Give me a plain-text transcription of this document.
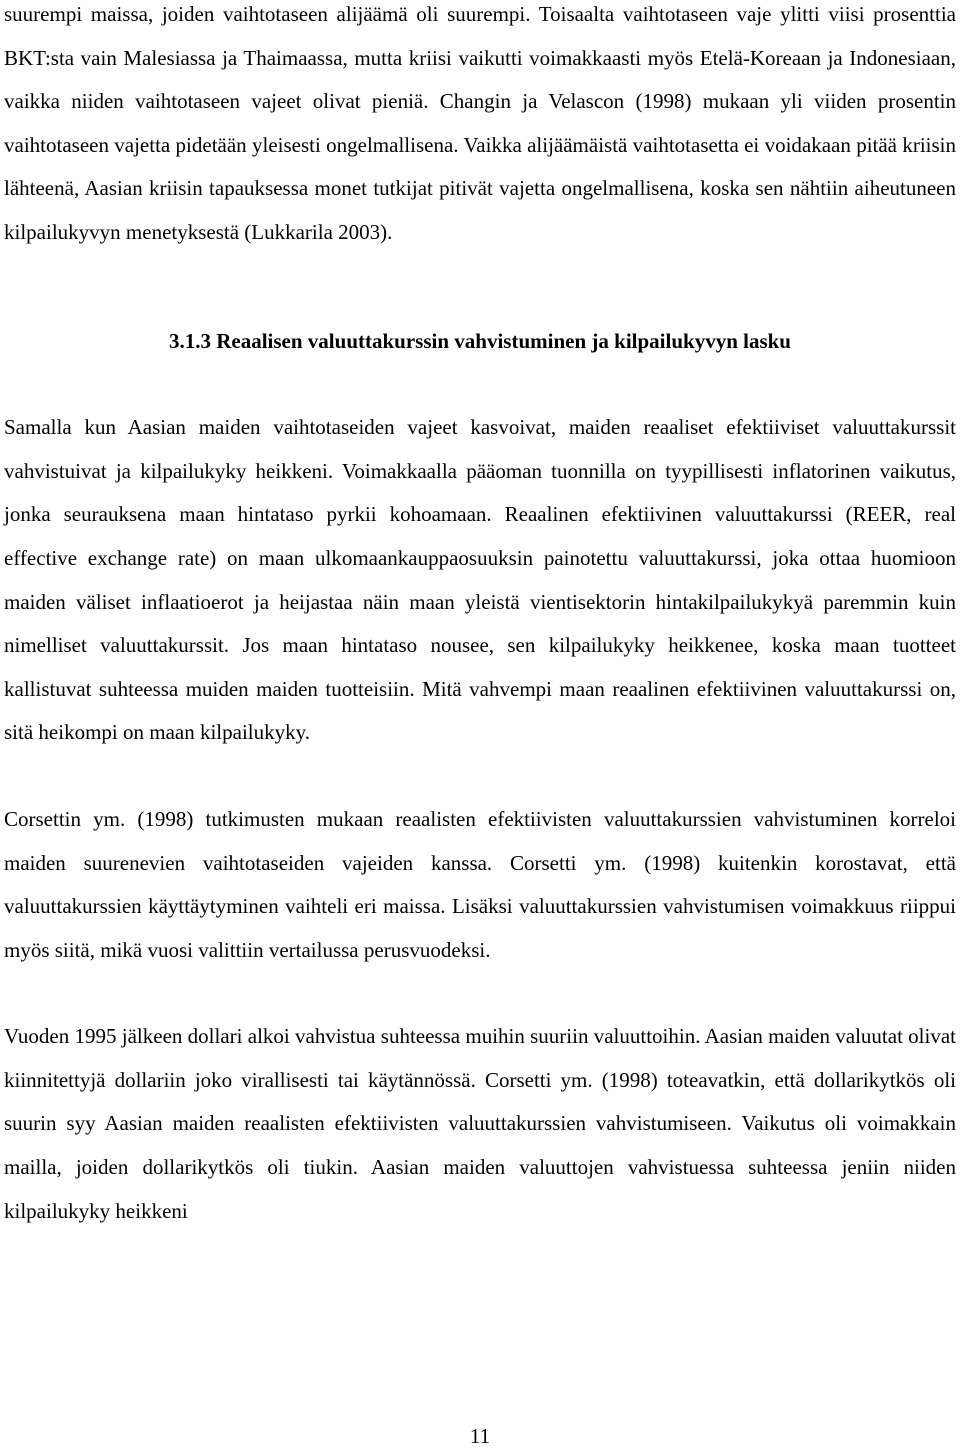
suurempi maissa, joiden vaihtotaseen alijäämä oli suurempi. Toisaalta vaihtotaseen vaje ylitti viisi prosenttia BKT:sta vain Malesiassa ja Thaimaassa, mutta kriisi vaikutti voimakkaasti myös Etelä-Koreaan ja Indonesiaan, vaikka niiden vaihtotaseen vajeet olivat pieniä. Changin ja Velascon (1998) mukaan yli viiden prosentin vaihtotaseen vajetta pidetään yleisesti ongelmallisena. Vaikka alijäämäistä vaihtotasetta ei voidakaan pitää kriisin lähteenä, Aasian kriisin tapauksessa monet tutkijat pitivät vajetta ongelmallisena, koska sen nähtiin aiheutuneen kilpailukyvyn menetyksestä (Lukkarila 2003).

3.1.3 Reaalisen valuuttakurssin vahvistuminen ja kilpailukyvyn lasku

Samalla kun Aasian maiden vaihtotaseiden vajeet kasvoivat, maiden reaaliset efektiiviset valuuttakurssit vahvistuivat ja kilpailukyky heikkeni. Voimakkaalla pääoman tuonnilla on tyypillisesti inflatorinen vaikutus, jonka seurauksena maan hintataso pyrkii kohoamaan. Reaalinen efektiivinen valuuttakurssi (REER, real effective exchange rate) on maan ulkomaankauppaosuuksin painotettu valuuttakurssi, joka ottaa huomioon maiden väliset inflaatioerot ja heijastaa näin maan yleistä vientisektorin hintakilpailukykyä paremmin kuin nimelliset valuuttakurssit. Jos maan hintataso nousee, sen kilpailukyky heikkenee, koska maan tuotteet kallistuvat suhteessa muiden maiden tuotteisiin. Mitä vahvempi maan reaalinen efektiivinen valuuttakurssi on, sitä heikompi on maan kilpailukyky.

Corsettin ym. (1998) tutkimusten mukaan reaalisten efektiivisten valuuttakurssien vahvistuminen korreloi maiden suurenevien vaihtotaseiden vajeiden kanssa. Corsetti ym. (1998) kuitenkin korostavat, että valuuttakurssien käyttäytyminen vaihteli eri maissa. Lisäksi valuuttakurssien vahvistumisen voimakkuus riippui myös siitä, mikä vuosi valittiin vertailussa perusvuodeksi.

Vuoden 1995 jälkeen dollari alkoi vahvistua suhteessa muihin suuriin valuuttoihin. Aasian maiden valuutat olivat kiinnitettyjä dollariin joko virallisesti tai käytännössä. Corsetti ym. (1998) toteavatkin, että dollarikytkös oli suurin syy Aasian maiden reaalisten efektiivisten valuuttakurssien vahvistumiseen. Vaikutus oli voimakkain mailla, joiden dollarikytkös oli tiukin. Aasian maiden valuuttojen vahvistuessa suhteessa jeniin niiden kilpailukyky heikkeni

11
